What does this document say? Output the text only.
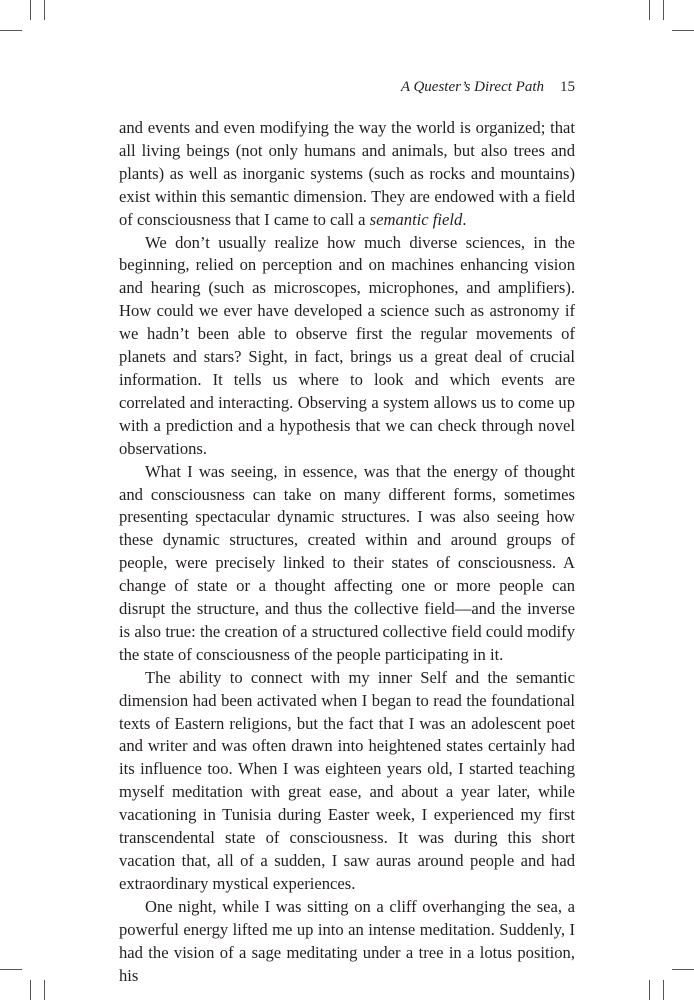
A Quester’s Direct Path 15

and events and even modifying the way the world is organized; that all living beings (not only humans and animals, but also trees and plants) as well as inorganic systems (such as rocks and mountains) exist within this semantic dimension. They are endowed with a field of consciousness that I came to call a semantic field.

We don’t usually realize how much diverse sciences, in the beginning, relied on perception and on machines enhancing vision and hearing (such as microscopes, microphones, and amplifiers). How could we ever have developed a science such as astronomy if we hadn’t been able to observe first the regular movements of planets and stars? Sight, in fact, brings us a great deal of crucial information. It tells us where to look and which events are correlated and interacting. Observing a system allows us to come up with a prediction and a hypothesis that we can check through novel observations.

What I was seeing, in essence, was that the energy of thought and consciousness can take on many different forms, sometimes presenting spectacular dynamic structures. I was also seeing how these dynamic structures, created within and around groups of people, were precisely linked to their states of consciousness. A change of state or a thought affecting one or more people can disrupt the structure, and thus the collective field—and the inverse is also true: the creation of a structured collective field could modify the state of consciousness of the people participating in it.

The ability to connect with my inner Self and the semantic dimension had been activated when I began to read the foundational texts of Eastern religions, but the fact that I was an adolescent poet and writer and was often drawn into heightened states certainly had its influence too. When I was eighteen years old, I started teaching myself meditation with great ease, and about a year later, while vacationing in Tunisia during Easter week, I experienced my first transcendental state of consciousness. It was during this short vacation that, all of a sudden, I saw auras around people and had extraordinary mystical experiences.

One night, while I was sitting on a cliff overhanging the sea, a powerful energy lifted me up into an intense meditation. Suddenly, I had the vision of a sage meditating under a tree in a lotus position, his
